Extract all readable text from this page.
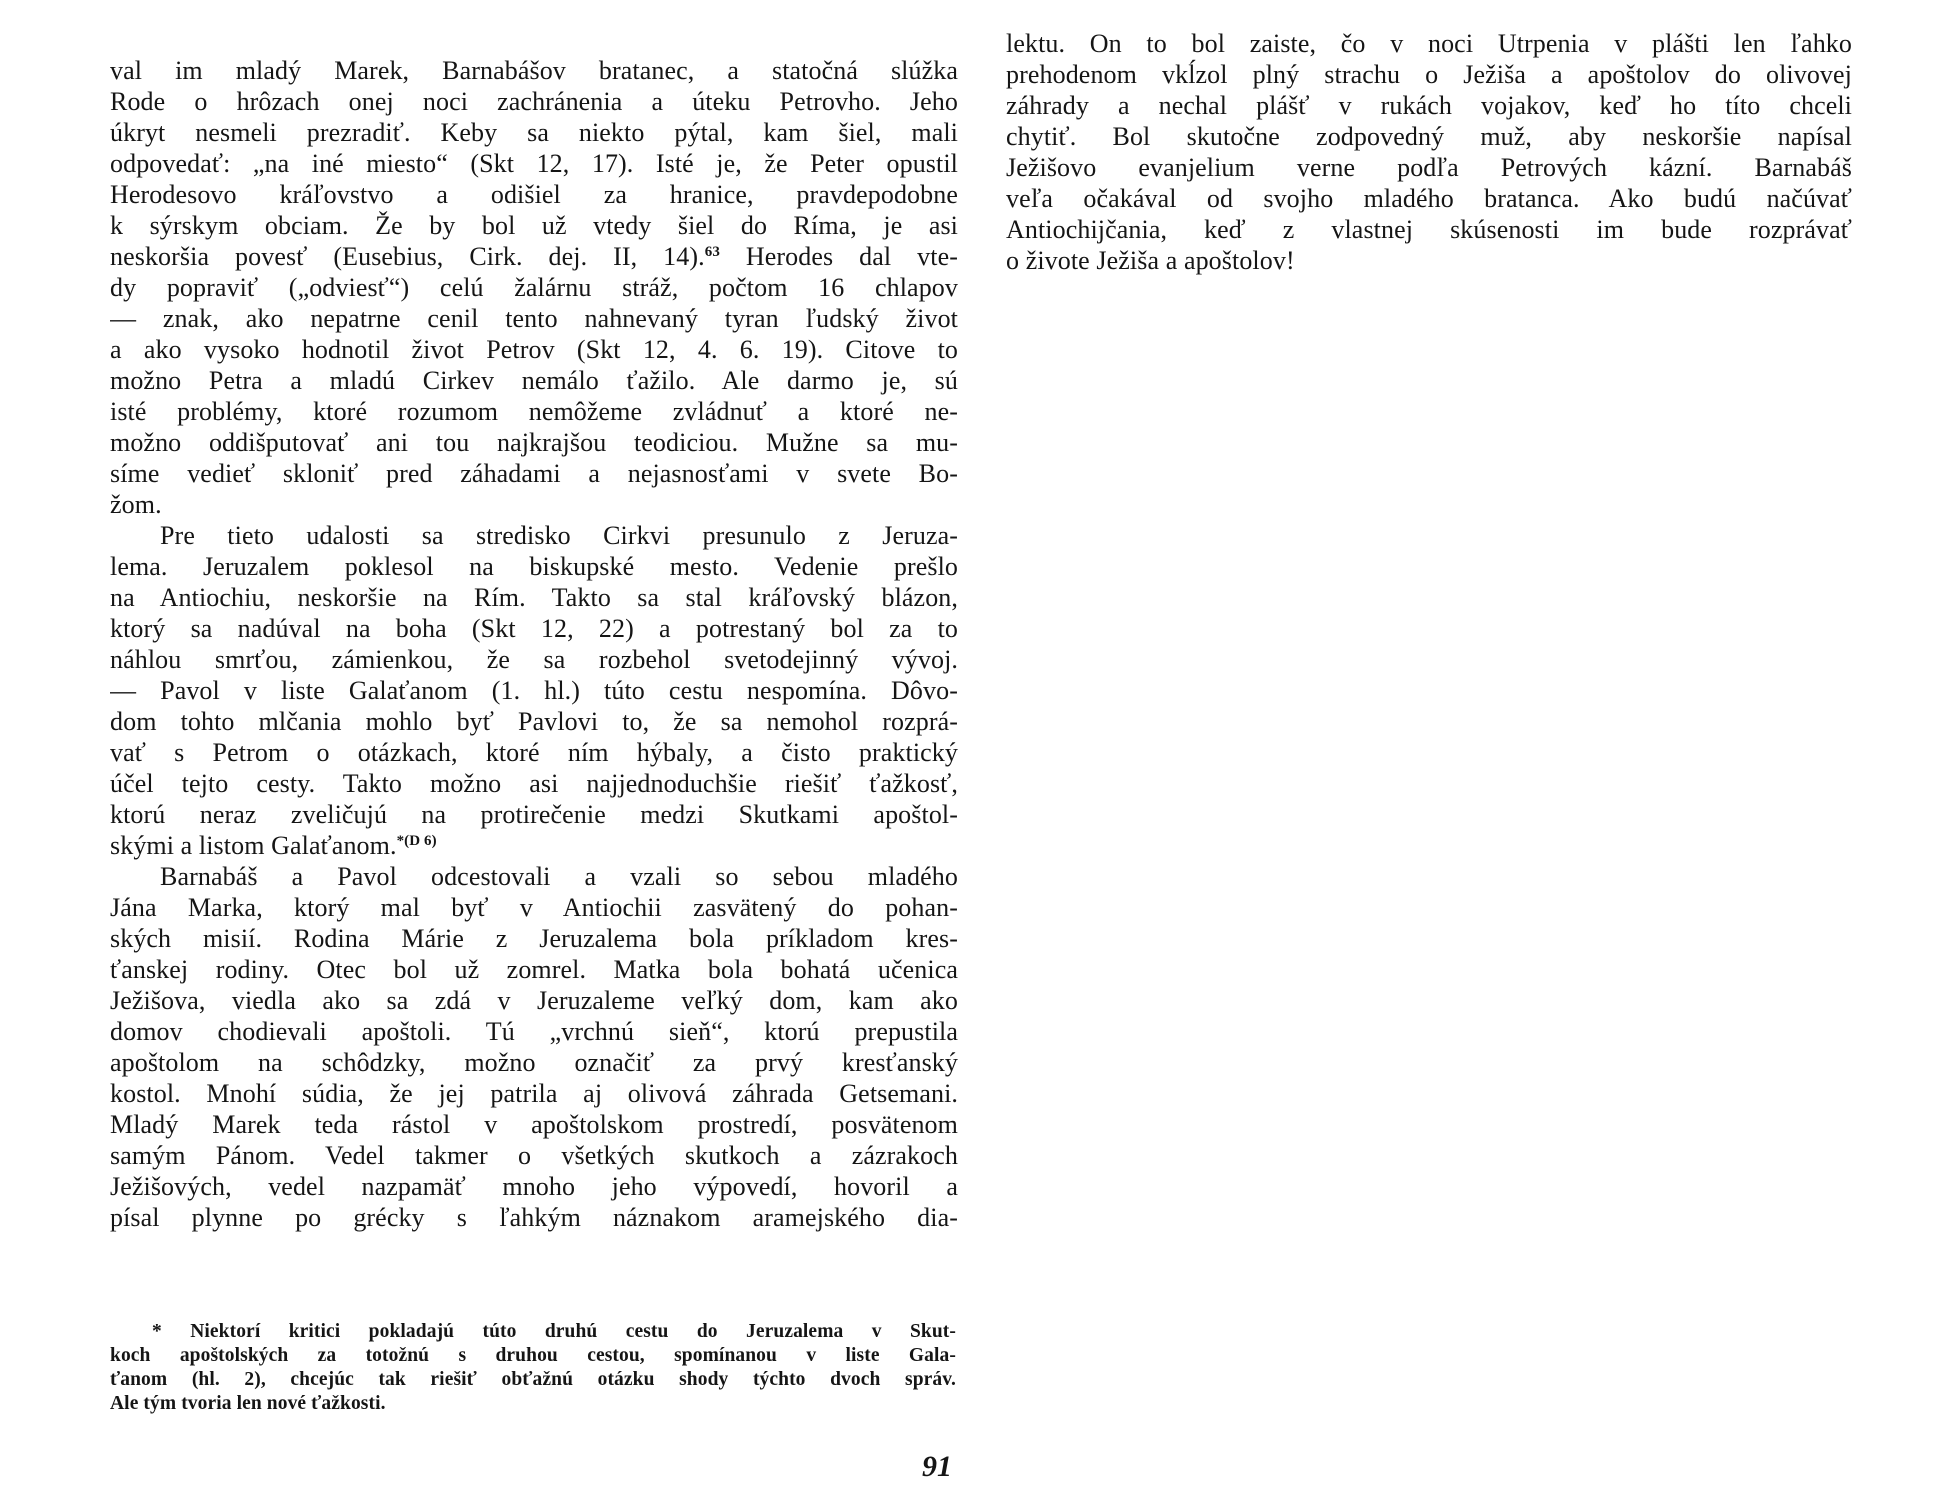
val im mladý Marek, Barnabášov bratanec, a statočná slúžka
Rode o hrôzach onej noci zachránenia a úteku Petrovho. Jeho
úkryt nesmeli prezradiť. Keby sa niekto pýtal, kam šiel, mali
odpovedať: „na iné miesto“ (Skt 12, 17). Isté je, že Peter opustil
Herodesovo kráľovstvo a odišiel za hranice, pravdepodobne
k sýrskym obciam. Že by bol už vtedy šiel do Ríma, je asi
neskoršia povesť (Eusebius, Cirk. dej. II, 14).$^{63}$ Herodes dal vte-
dy popraviť („odviesť“) celú žalárnu stráž, počtom 16 chlapov
— znak, ako nepatrne cenil tento nahnevaný tyran ľudský život
a ako vysoko hodnotil život Petrov (Skt 12, 4. 6. 19). Citove to
možno Petra a mladú Cirkev nemálo ťažilo. Ale darmo je, sú
isté problémy, ktoré rozumom nemôžeme zvládnuť a ktoré ne-
možno oddišputovať ani tou najkrajšou teodiciou. Mužne sa mu-
síme vedieť skloniť pred záhadami a nejasnosťami v svete Bo-
žom.
Pre tieto udalosti sa stredisko Cirkvi presunulo z Jeruza-
lema. Jeruzalem poklesol na biskupské mesto. Vedenie prešlo
na Antiochiu, neskoršie na Rím. Takto sa stal kráľovský blázon,
ktorý sa nadúval na boha (Skt 12, 22) a potrestaný bol za to
náhlou smrťou, zámienkou, že sa rozbehol svetodejinný vývoj.
— Pavol v liste Galaťanom (1. hl.) túto cestu nespomína. Dôvo-
dom tohto mlčania mohlo byť Pavlovi to, že sa nemohol rozprá-
vať s Petrom o otázkach, ktoré ním hýbaly, a čisto praktický
účel tejto cesty. Takto možno asi najjednoduchšie riešiť ťažkosť,
ktorú neraz zveličujú na protirečenie medzi Skutkami apoštol-
skými a listom Galaťanom.$^{*(D 6)}$
Barnabáš a Pavol odcestovali a vzali so sebou mladého
Jána Marka, ktorý mal byť v Antiochii zasvätený do pohan-
ských misií. Rodina Márie z Jeruzalema bola príkladom kres-
ťanskej rodiny. Otec bol už zomrel. Matka bola bohatá učenica
Ježišova, viedla ako sa zdá v Jeruzaleme veľký dom, kam ako
domov chodievali apoštoli. Tú „vrchnú sieň“, ktorú prepustila
apoštolom na schôdzky, možno označiť za prvý kresťanský
kostol. Mnohí súdia, že jej patrila aj olivová záhrada Getsemani.
Mladý Marek teda rástol v apoštolskom prostredí, posvätenom
samým Pánom. Vedel takmer o všetkých skutkoch a zázrakoch
Ježišových, vedel nazpamäť mnoho jeho výpovedí, hovoril a
písal plynne po grécky s ľahkým náznakom aramejského dia-
lektu. On to bol zaiste, čo v noci Utrpenia v plášti len ľahko
prehodenom vkĺzol plný strachu o Ježiša a apoštolov do olivovej
záhrady a nechal plášť v rukách vojakov, keď ho títo chceli
chytiť. Bol skutočne zodpovedný muž, aby neskoršie napísal
Ježišovo evanjelium verne podľa Petrových kázní. Barnabáš
veľa očakával od svojho mladého bratanca. Ako budú načúvať
Antiochijčania, keď z vlastnej skúsenosti im bude rozprávať
o živote Ježiša a apoštolov!
* Niektorí kritici pokladajú túto druhú cestu do Jeruzalema v Skut-
koch apoštolských za totožnú s druhou cestou, spomínanou v liste Gala-
ťanom (hl. 2), chcejúc tak riešiť obťažnú otázku shody týchto dvoch správ.
Ale tým tvoria len nové ťažkosti.
91
